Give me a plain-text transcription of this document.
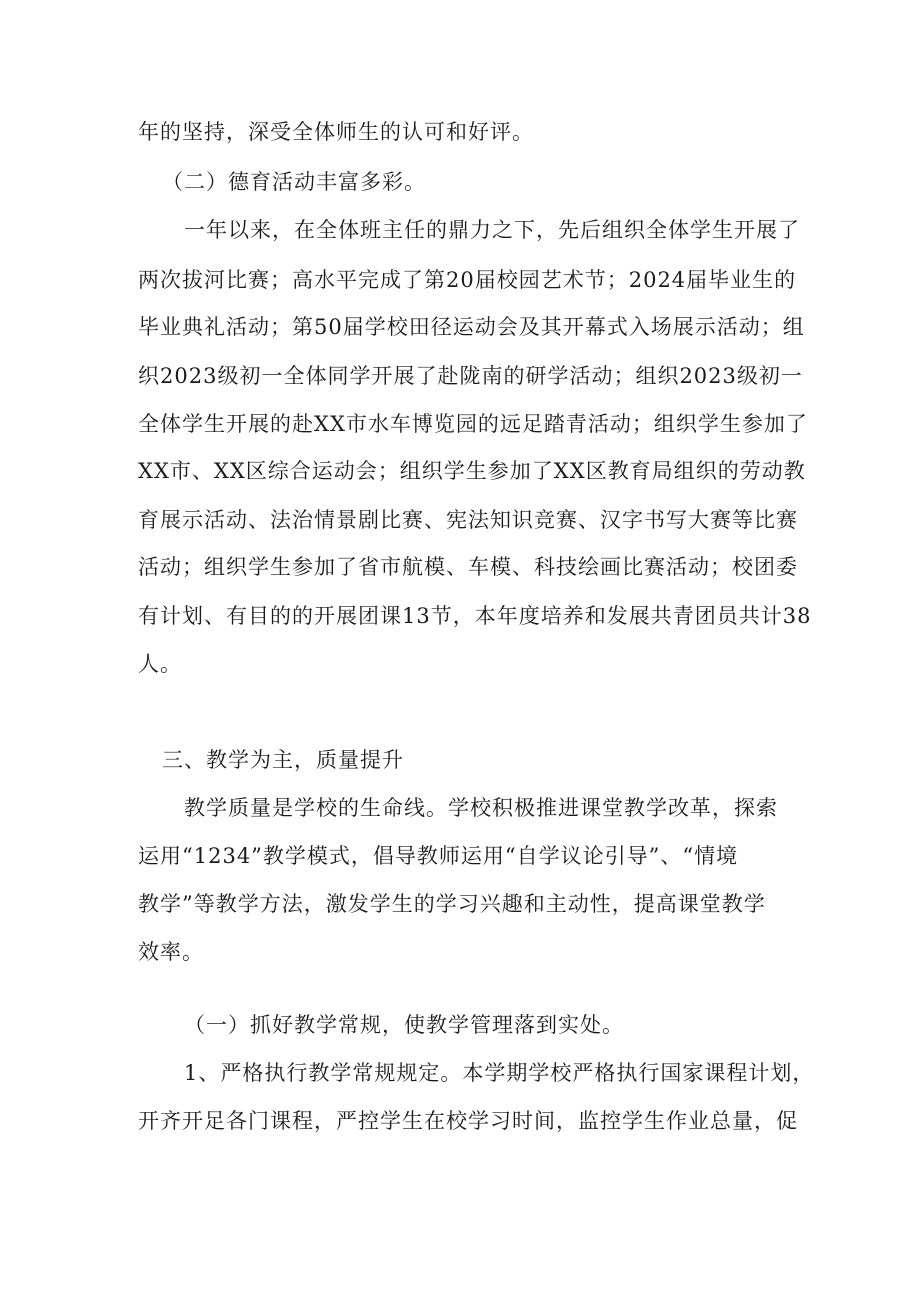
年的坚持，深受全体师生的认可和好评。
（二）德育活动丰富多彩。
一年以来，在全体班主任的鼎力之下，先后组织全体学生开展了
两次拔河比赛；高水平完成了第20届校园艺术节；2024届毕业生的
毕业典礼活动；第50届学校田径运动会及其开幕式入场展示活动；组
织2023级初一全体同学开展了赴陇南的研学活动；组织2023级初一
全体学生开展的赴XX市水车博览园的远足踏青活动；组织学生参加了
XX市、XX区综合运动会；组织学生参加了XX区教育局组织的劳动教
育展示活动、法治情景剧比赛、宪法知识竞赛、汉字书写大赛等比赛
活动；组织学生参加了省市航模、车模、科技绘画比赛活动；校团委
有计划、有目的的开展团课13节，本年度培养和发展共青团员共计38
人。
三、教学为主，质量提升
教学质量是学校的生命线。学校积极推进课堂教学改革，探索
运用“1234”教学模式，倡导教师运用“自学议论引导”、“情境
教学”等教学方法，激发学生的学习兴趣和主动性，提高课堂教学
效率。
（一）抓好教学常规，使教学管理落到实处。
1、严格执行教学常规规定。本学期学校严格执行国家课程计划，
开齐开足各门课程，严控学生在校学习时间，监控学生作业总量，促
